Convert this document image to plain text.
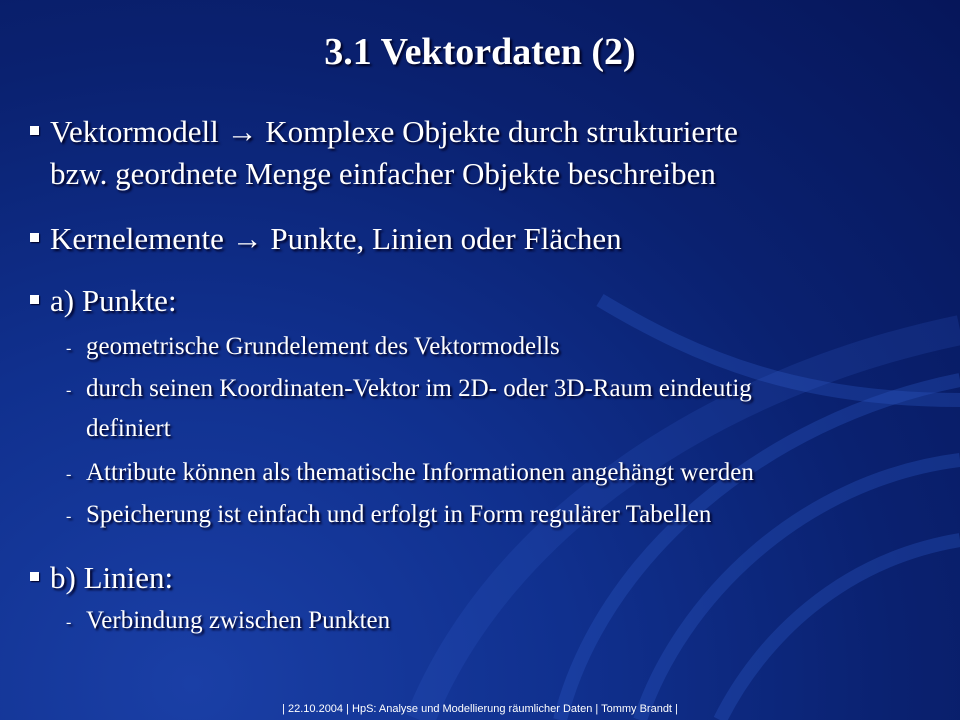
3.1 Vektordaten (2)
Vektormodell → Komplexe Objekte durch strukturierte
bzw. geordnete Menge einfacher Objekte beschreiben
Kernelemente → Punkte, Linien oder Flächen
a) Punkte:
- geometrische Grundelement des Vektormodells
- durch seinen Koordinaten-Vektor im 2D- oder 3D-Raum eindeutig
definiert
- Attribute können als thematische Informationen angehängt werden
- Speicherung ist einfach und erfolgt in Form regulärer Tabellen
b) Linien:
- Verbindung zwischen Punkten
| 22.10.2004 | HpS: Analyse und Modellierung räumlicher Daten | Tommy Brandt |
